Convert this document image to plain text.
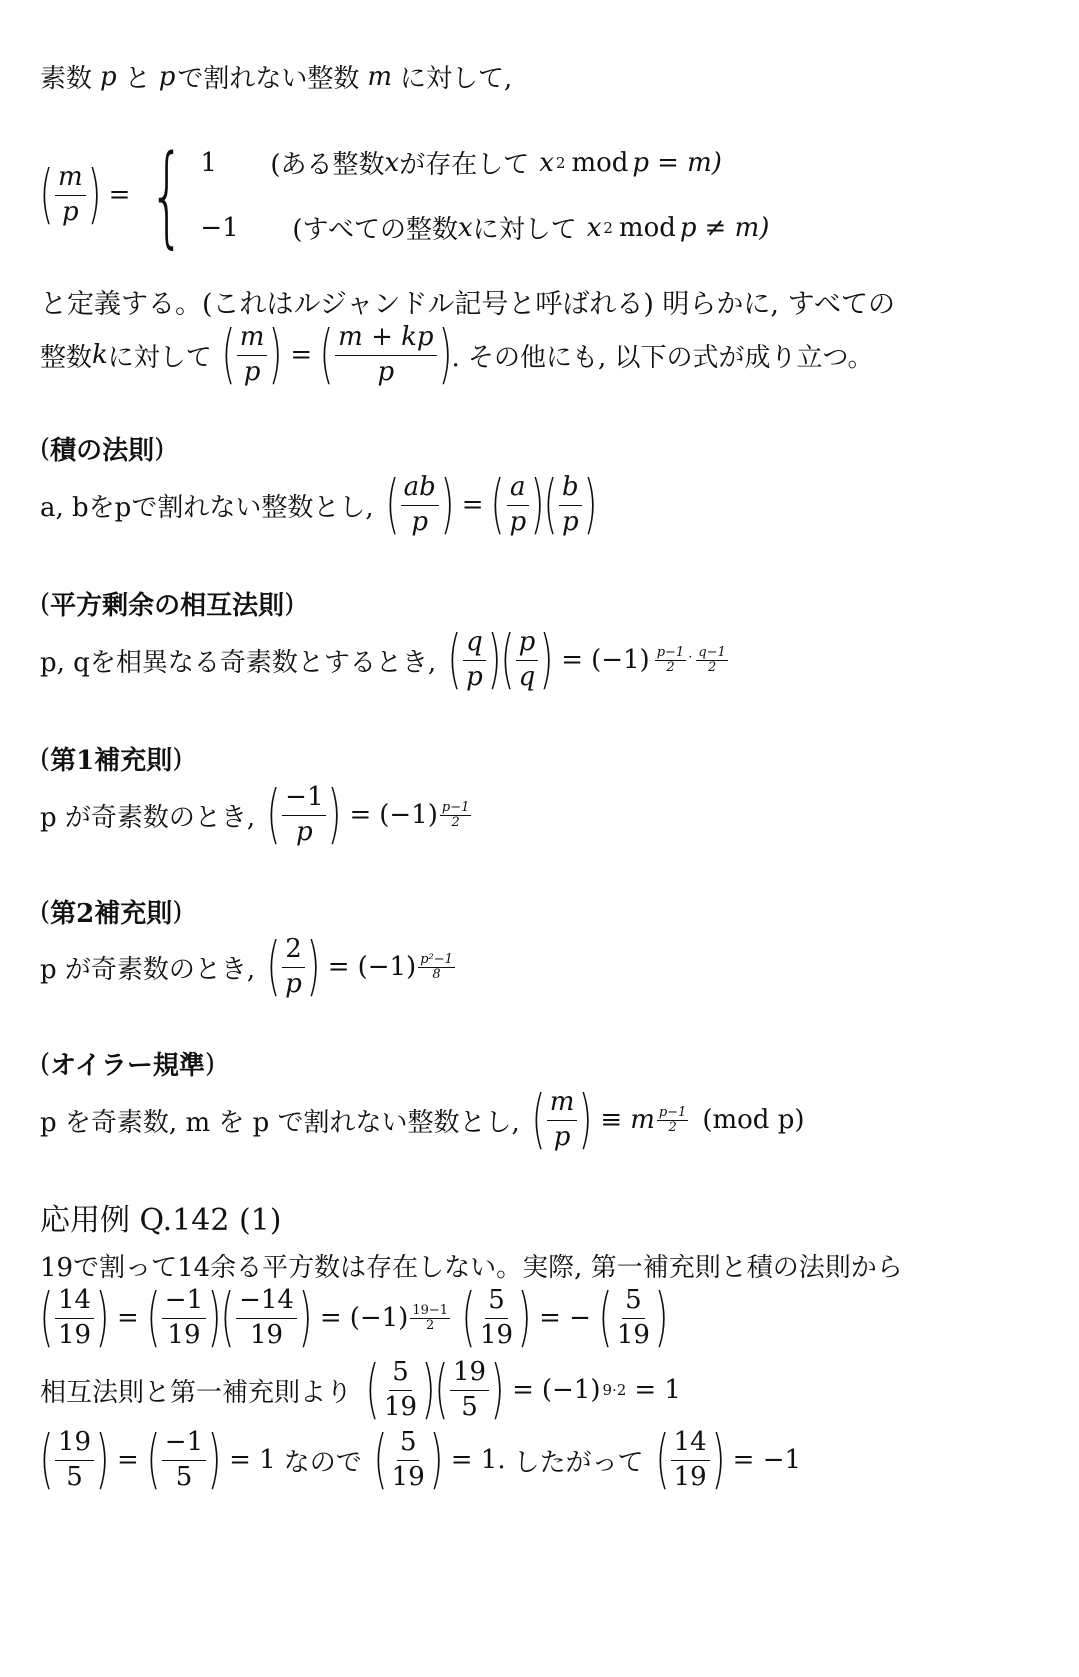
素数 p と p で割れない整数 m に対して,
( $\frac{m}{p}$ ) = { 1	(ある整数 x が存在して x 2 mod p = m)
−1	(すべての整数 x に対して x 2 mod p ≠ m)
と定義する。(これはルジャンドル記号と呼ばれる) 明らかに, すべての
整数 k に対して ( $\frac{m}{p}$ ) = ( $\frac{m + kp}{p}$ ) . その他にも, 以下の式が成り立つ。
( 積の法則 )
a, bをpで割れない整数とし, ( $\frac{ab}{p}$ ) = ( $\frac{a}{p}$ ) ( $\frac{b}{p}$ )
( 平方剰余の相互法則 )
p, qを相異なる奇素数とするとき, ( $\frac{q}{p}$ ) ( $\frac{p}{q}$ ) = $(-1) \frac{p-1}{2} \cdot \frac{q-1}{2}$
( 第1補充則 )
p が奇素数のとき, ( $\frac{-1}{p}$ ) = $(-1) \frac{p-1}{2}$
( 第2補充則 )
p が奇素数のとき, ( $\frac{2}{p}$ ) = $(-1) \frac{\text{p²−1}}{8}$
( オイラー規準 )
p を奇素数, m を p で割れない整数とし, ( $\frac{m}{p}$ ) ≡ m $\frac{p-1}{2} (mod$ p)
応用例 Q.142 (1)
19で割って14余る平方数は存在しない。実際, 第一補充則と積の法則から
( $\frac{14}{19}$ ) = ( $\frac{-1}{19}$ ) ( $\frac{-14}{19}$ ) = $(-1) \frac{19-1}{2}$ ( $\frac{5}{19}$ ) = − ( $\frac{5}{19}$ )
相互法則と第一補充則より ( $\frac{5}{19}$ ) ( $\frac{19}{5}$ ) = (−1) 9·2 = 1
( $\frac{19}{5}$ ) = ( $\frac{-1}{5}$ ) = 1 なので ( $\frac{5}{19}$ ) = 1. したがって ( $\frac{14}{19}$ ) = −1
